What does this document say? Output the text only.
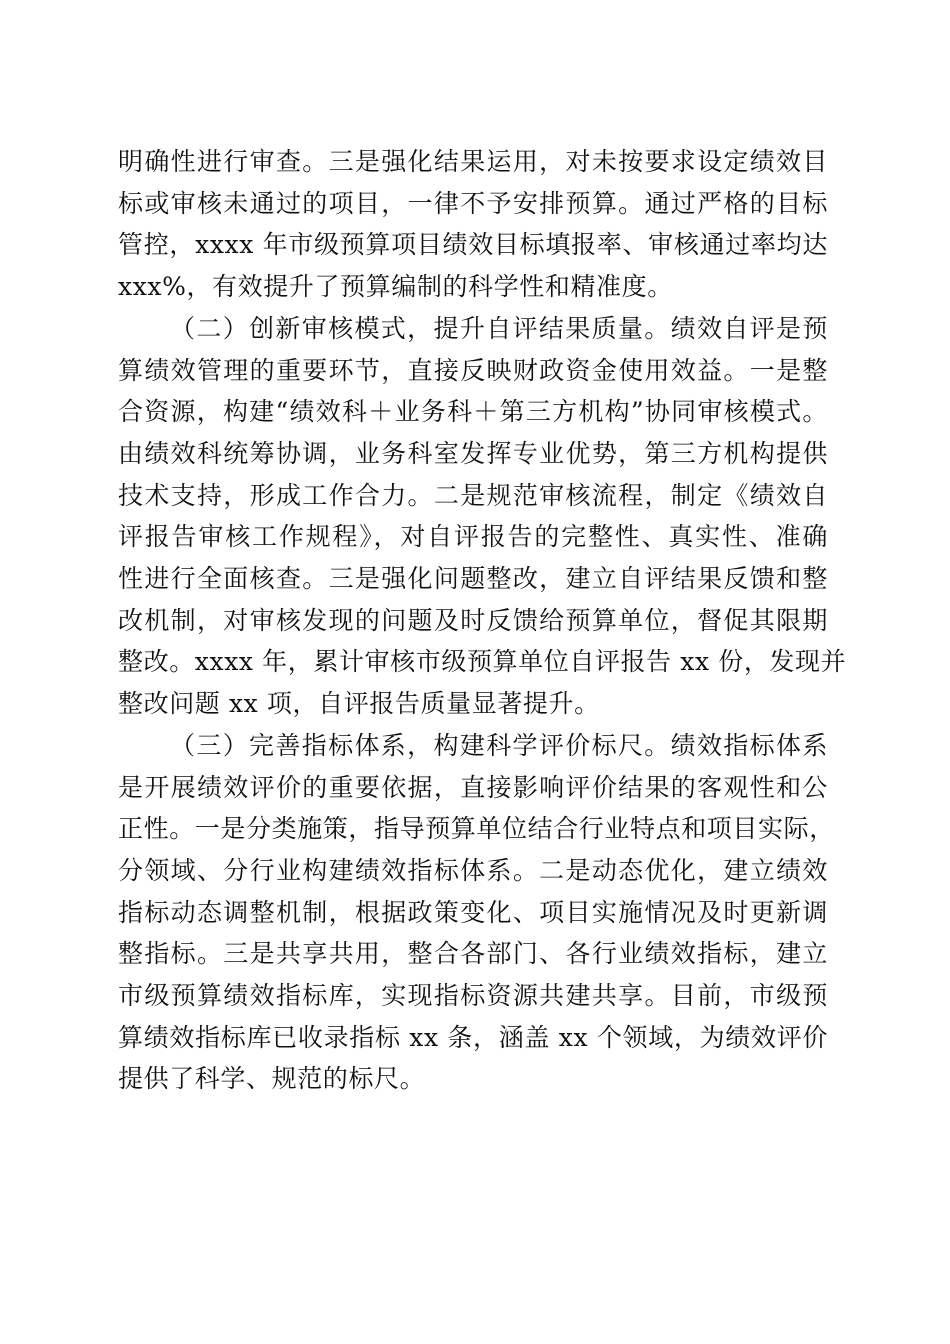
明确性进行审查。三是强化结果运用，对未按要求设定绩效目
标或审核未通过的项目，一律不予安排预算。通过严格的目标
管控，xxxx 年市级预算项目绩效目标填报率、审核通过率均达
xxx%，有效提升了预算编制的科学性和精准度。

（二）创新审核模式，提升自评结果质量。绩效自评是预
算绩效管理的重要环节，直接反映财政资金使用效益。一是整
合资源，构建“绩效科＋业务科＋第三方机构”协同审核模式。
由绩效科统筹协调，业务科室发挥专业优势，第三方机构提供
技术支持，形成工作合力。二是规范审核流程，制定《绩效自
评报告审核工作规程》，对自评报告的完整性、真实性、准确
性进行全面核查。三是强化问题整改，建立自评结果反馈和整
改机制，对审核发现的问题及时反馈给预算单位，督促其限期
整改。xxxx 年，累计审核市级预算单位自评报告 xx 份，发现并
整改问题 xx 项，自评报告质量显著提升。

（三）完善指标体系，构建科学评价标尺。绩效指标体系
是开展绩效评价的重要依据，直接影响评价结果的客观性和公
正性。一是分类施策，指导预算单位结合行业特点和项目实际，
分领域、分行业构建绩效指标体系。二是动态优化，建立绩效
指标动态调整机制，根据政策变化、项目实施情况及时更新调
整指标。三是共享共用，整合各部门、各行业绩效指标，建立
市级预算绩效指标库，实现指标资源共建共享。目前，市级预
算绩效指标库已收录指标 xx 条，涵盖 xx 个领域，为绩效评价
提供了科学、规范的标尺。
